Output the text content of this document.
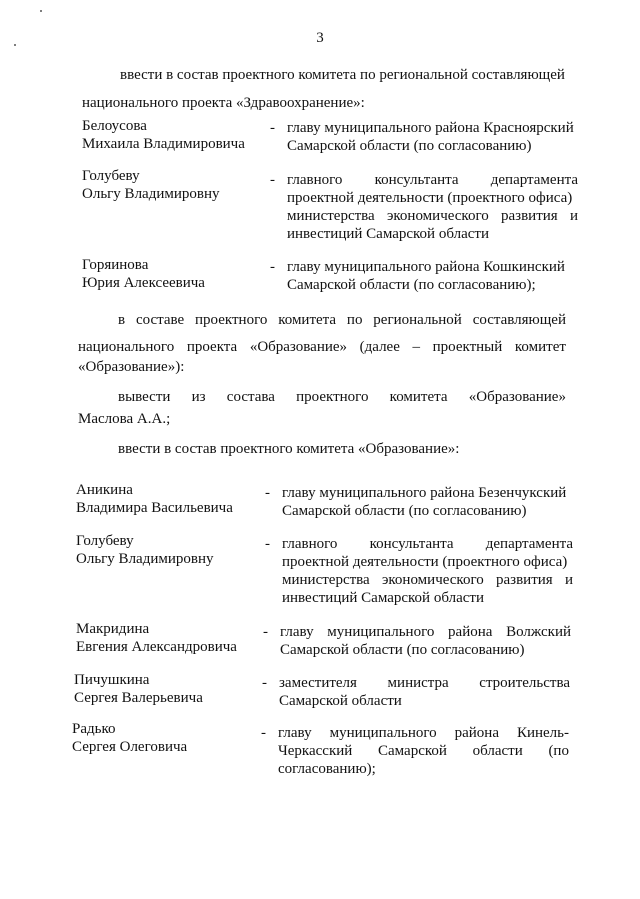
3
ввести в состав проектного комитета по региональной составляющей
национального проекта «Здравоохранение»:
Белоусова
Михаила Владимировича
- главу муниципального района Красноярский
Самарской области (по согласованию)
Голубеву
Ольгу Владимировну
- главного консультанта департамента
проектной деятельности (проектного офиса)
министерства экономического развития и
инвестиций Самарской области
Горяинова
Юрия Алексеевича
- главу муниципального района Кошкинский
Самарской области (по согласованию);
в составе проектного комитета по региональной составляющей
национального проекта «Образование» (далее – проектный комитет
«Образование»):
вывести из состава проектного комитета «Образование»
Маслова А.А.;
ввести в состав проектного комитета «Образование»:
Аникина
Владимира Васильевича
- главу муниципального района Безенчукский
Самарской области (по согласованию)
Голубеву
Ольгу Владимировну
- главного консультанта департамента
проектной деятельности (проектного офиса)
министерства экономического развития и
инвестиций Самарской области
Макридина
Евгения Александровича
- главу муниципального района Волжский
Самарской области (по согласованию)
Пичушкина
Сергея Валерьевича
- заместителя министра строительства
Самарской области
Радько
Сергея Олеговича
- главу муниципального района Кинель-
Черкасский Самарской области (по
согласованию);
